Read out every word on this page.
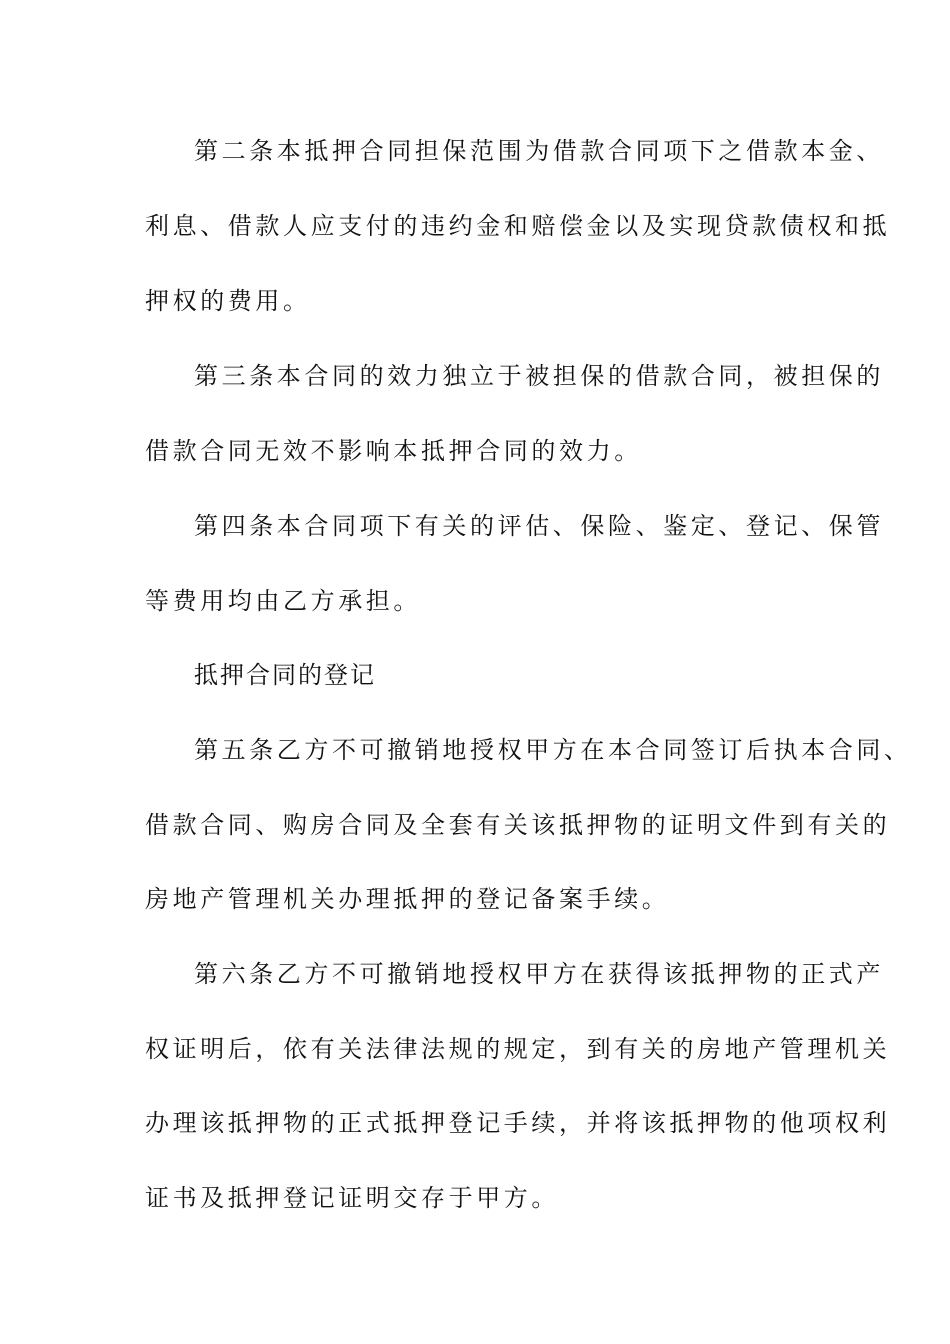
第二条本抵押合同担保范围为借款合同项下之借款本金、
利息、借款人应支付的违约金和赔偿金以及实现贷款债权和抵
押权的费用。
第三条本合同的效力独立于被担保的借款合同，被担保的
借款合同无效不影响本抵押合同的效力。
第四条本合同项下有关的评估、保险、鉴定、登记、保管
等费用均由乙方承担。
抵押合同的登记
第五条乙方不可撤销地授权甲方在本合同签订后执本合同、
借款合同、购房合同及全套有关该抵押物的证明文件到有关的
房地产管理机关办理抵押的登记备案手续。
第六条乙方不可撤销地授权甲方在获得该抵押物的正式产
权证明后，依有关法律法规的规定，到有关的房地产管理机关
办理该抵押物的正式抵押登记手续，并将该抵押物的他项权利
证书及抵押登记证明交存于甲方。
